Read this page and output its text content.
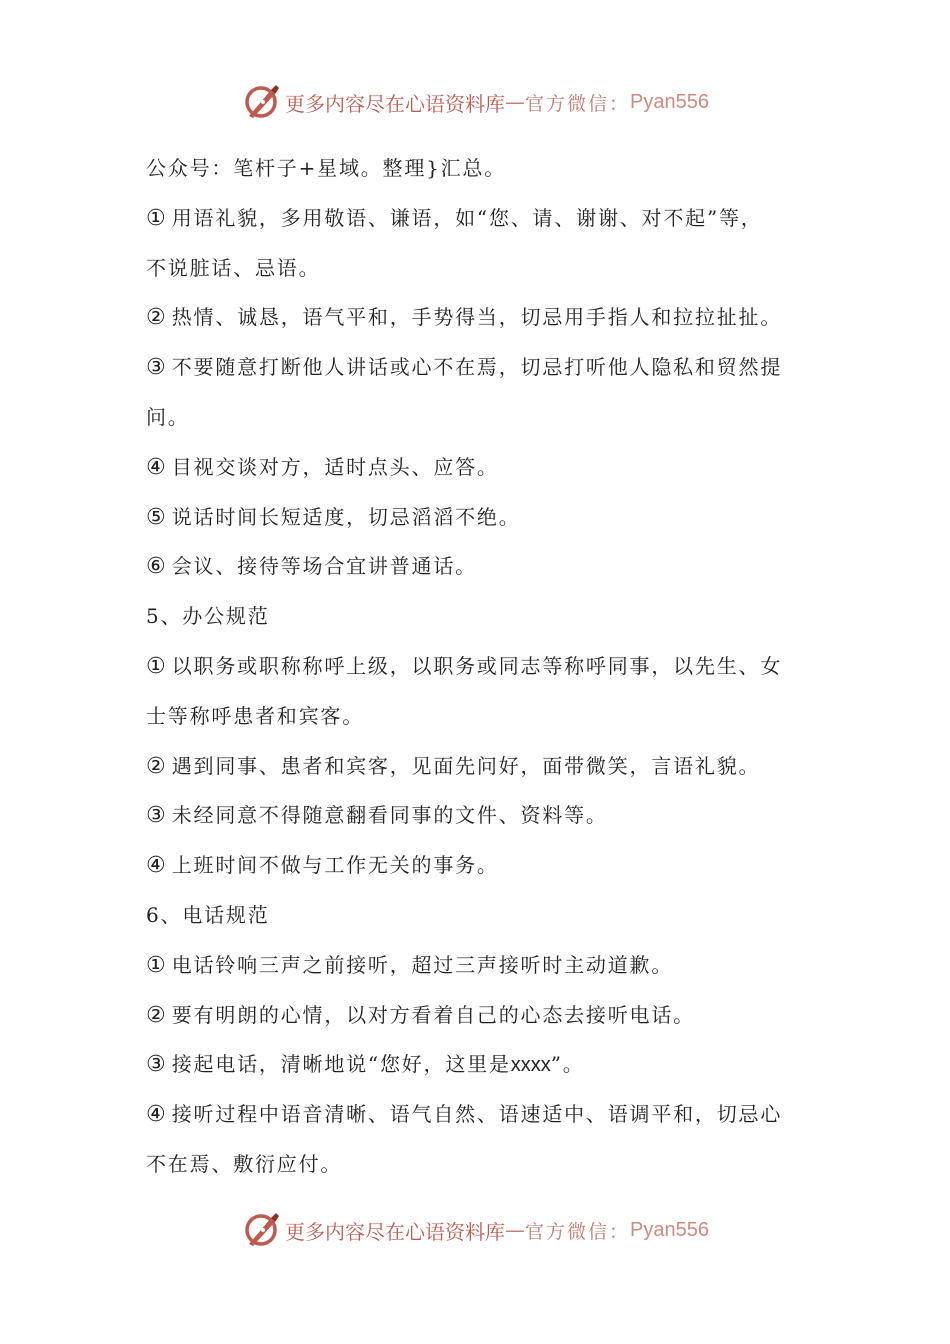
更多内容尽在心语资料库 — 官方微信： Pyan556
公众号：笔杆子+星域。整理}汇总。
① 用语礼貌，多用敬语、谦语，如“您、请、谢谢、对不起”等，
不说脏话、忌语。
② 热情、诚恳，语气平和，手势得当，切忌用手指人和拉拉扯扯。
③ 不要随意打断他人讲话或心不在焉，切忌打听他人隐私和贸然提
问。
④ 目视交谈对方，适时点头、应答。
⑤ 说话时间长短适度，切忌滔滔不绝。
⑥ 会议、接待等场合宜讲普通话。
5、办公规范
① 以职务或职称称呼上级，以职务或同志等称呼同事，以先生、女
士等称呼患者和宾客。
② 遇到同事、患者和宾客，见面先问好，面带微笑，言语礼貌。
③ 未经同意不得随意翻看同事的文件、资料等。
④ 上班时间不做与工作无关的事务。
6、电话规范
① 电话铃响三声之前接听，超过三声接听时主动道歉。
② 要有明朗的心情，以对方看着自己的心态去接听电话。
③ 接起电话，清晰地说“您好，这里是xxxx”。
④ 接听过程中语音清晰、语气自然、语速适中、语调平和，切忌心
不在焉、敷衍应付。
更多内容尽在心语资料库 — 官方微信： Pyan556
